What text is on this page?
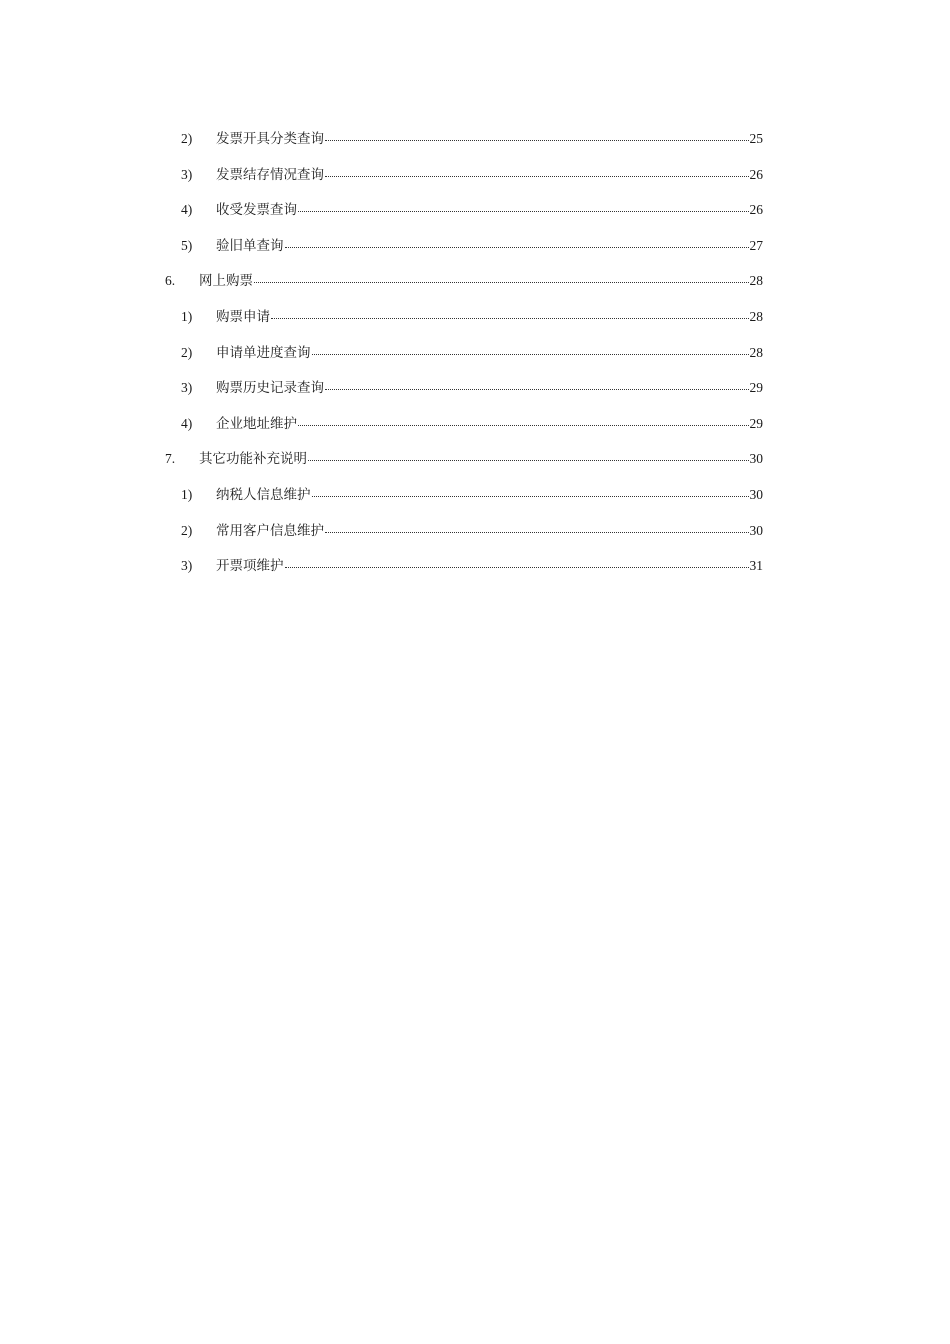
2)	发票开具分类查询	25
3)	发票结存情况查询	26
4)	收受发票查询	26
5)	验旧单查询	27
6.	网上购票	28
1)	购票申请	28
2)	申请单进度查询	28
3)	购票历史记录查询	29
4)	企业地址维护	29
7.	其它功能补充说明	30
1)	纳税人信息维护	30
2)	常用客户信息维护	30
3)	开票项维护	31
